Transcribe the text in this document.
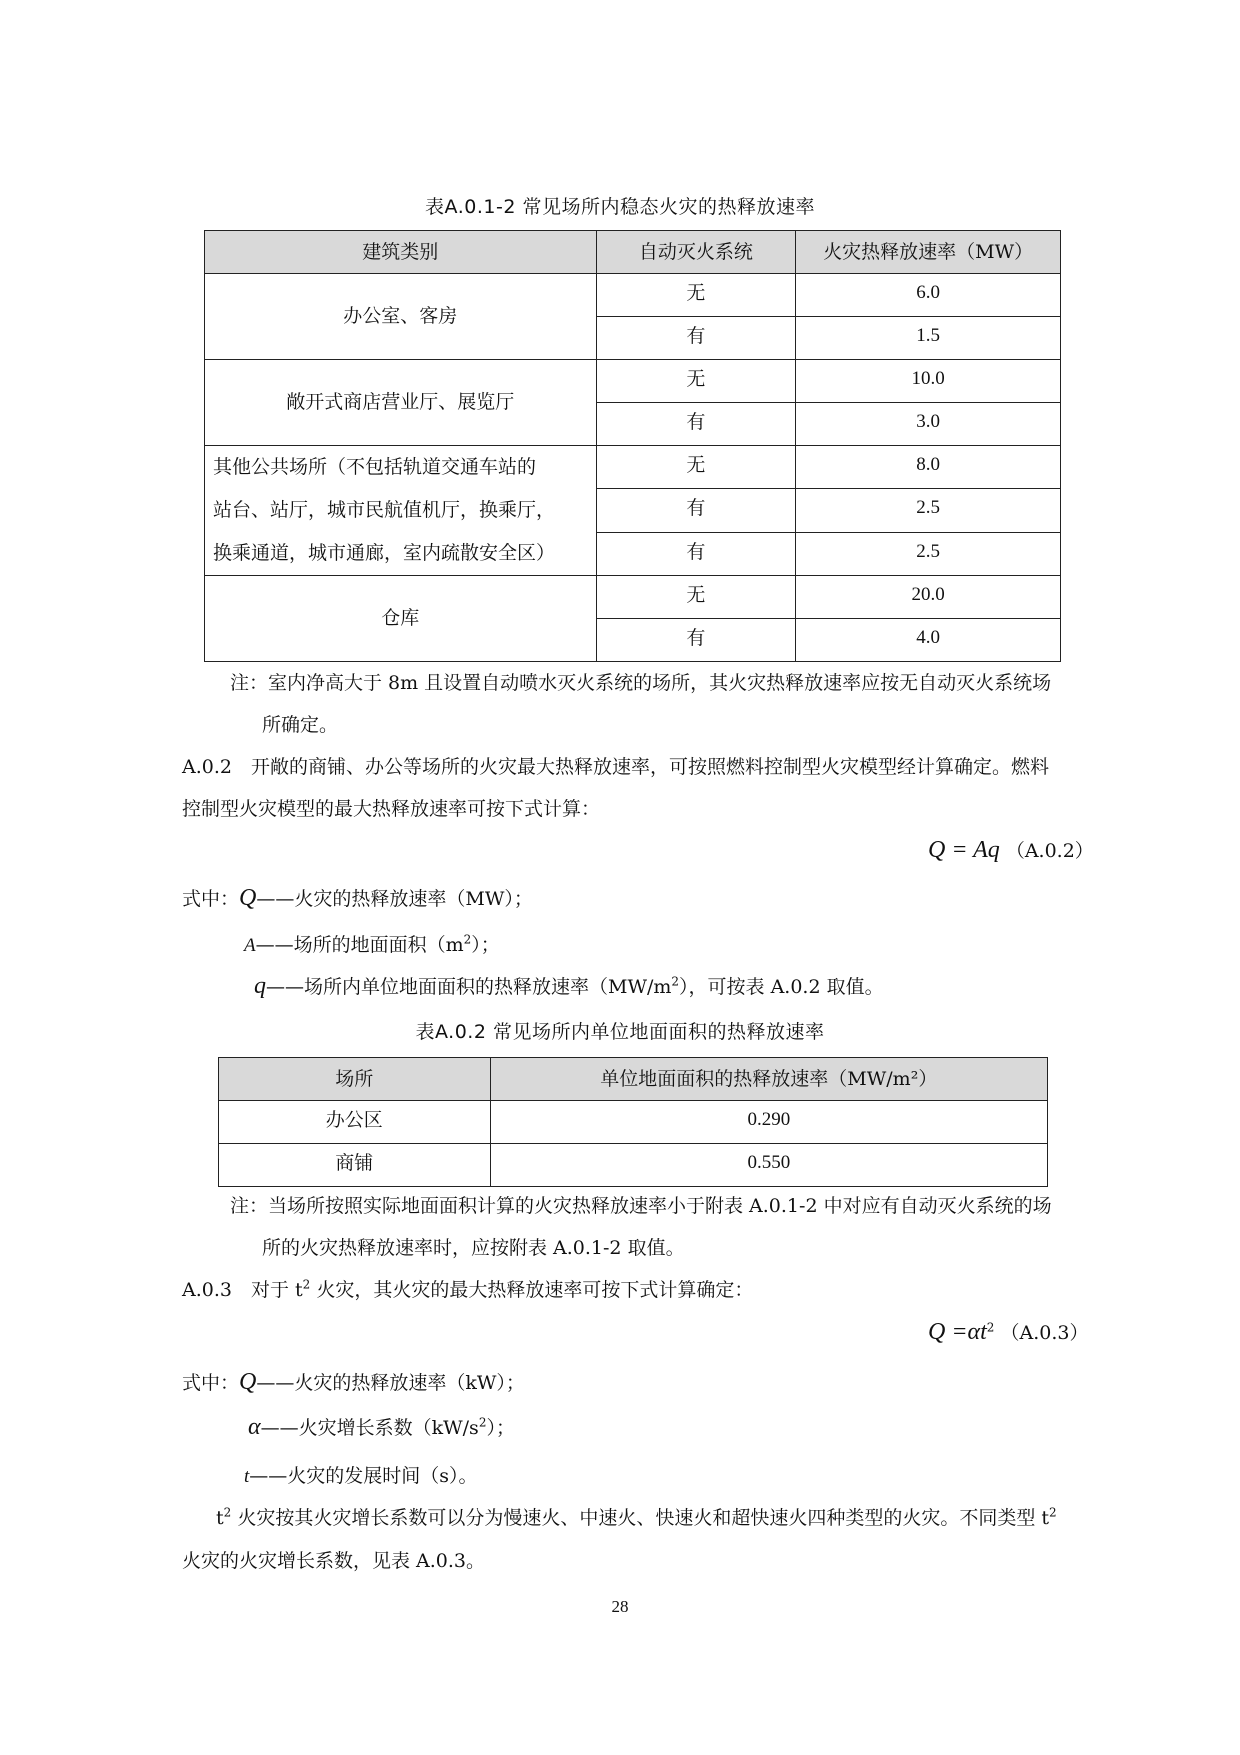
表A.0.1-2 常见场所内稳态火灾的热释放速率
建筑类别	自动灭火系统	火灾热释放速率（MW）
办公室、客房	无	6.0
	有	1.5
敞开式商店营业厅、展览厅	无	10.0
	有	3.0

其他公共场所（不包括轨道交通车站的
站台、站厅，城市民航值机厅，换乘厅，
换乘通道，城市通廊，室内疏散安全区）	无	8.0
	有	2.5
	有	2.5
仓库	无	20.0
	有	4.0
注：室内净高大于 8m 且设置自动喷水灭火系统的场所，其火灾热释放速率应按无自动灭火系统场
所确定。
A.0.2　开敞的商铺、办公等场所的火灾最大热释放速率，可按照燃料控制型火灾模型经计算确定。燃料
控制型火灾模型的最大热释放速率可按下式计算：
Q = Aq （A.0.2）
式中：Q——火灾的热释放速率（MW）；
A——场所的地面面积$(m^2)$；
q——场所内单位地面面积的热释放速率$(MW/m^2)$，可按表 A.0.2 取值。
表A.0.2 常见场所内单位地面面积的热释放速率
场所	单位地面面积的热释放速率（MW/m²）
办公区	0.290
商铺	0.550
注：当场所按照实际地面面积计算的火灾热释放速率小于附表 A.0.1-2 中对应有自动灭火系统的场
所的火灾热释放速率时，应按附表 A.0.1-2 取值。
A.0.3　对于 $t^2$ 火灾，其火灾的最大热释放速率可按下式计算确定：
$Q =\alpha t^2$ （A.0.3）
式中：Q——火灾的热释放速率（kW）；
α——火灾增长系数$(kW/s^2)$；
t——火灾的发展时间（s）。
$t^2$ 火灾按其火灾增长系数可以分为慢速火、中速火、快速火和超快速火四种类型的火灾。不同类型 $t^2$
火灾的火灾增长系数，见表 A.0.3。
28
